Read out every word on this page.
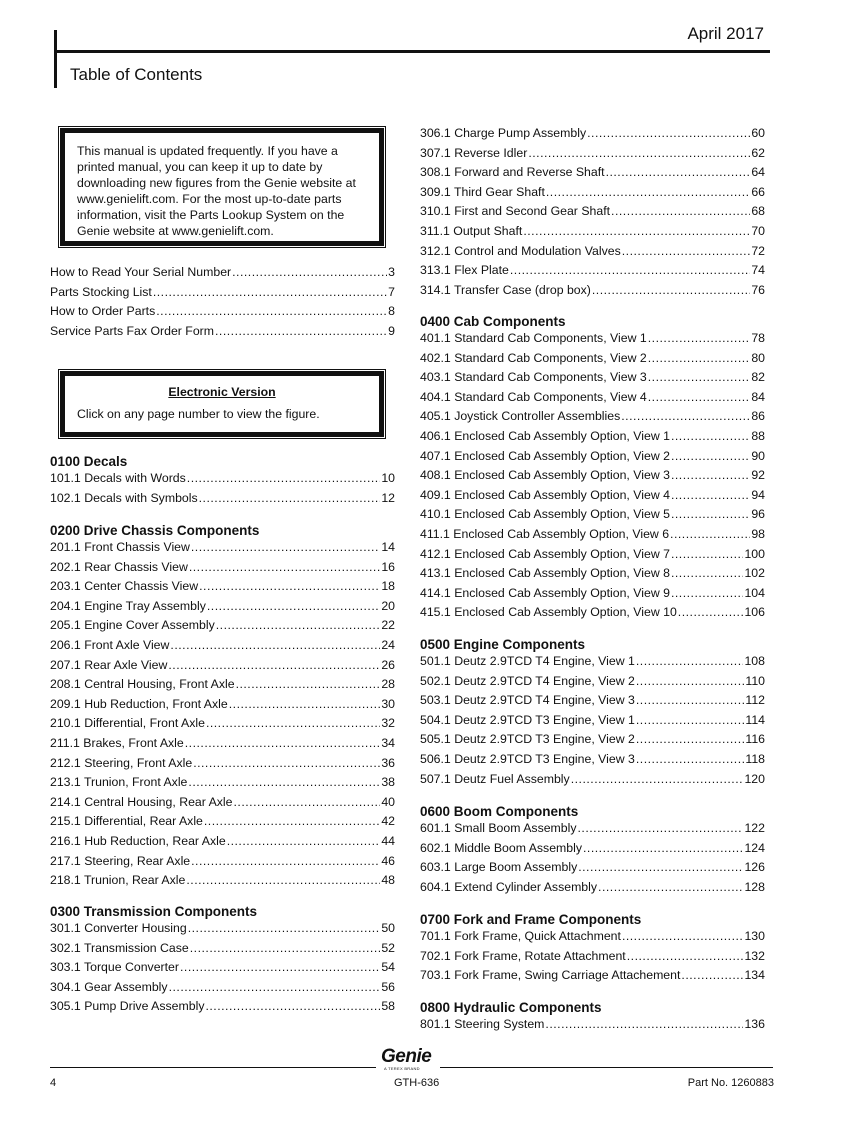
April 2017
Table of Contents
This manual is updated frequently. If you have a
printed manual, you can keep it up to date by
downloading new figures from the Genie website at
www.genielift.com. For the most up-to-date parts
information, visit the Parts Lookup System on the
Genie website at www.genielift.com.
How to Read Your Serial Number .....	3
Parts Stocking List .....	7
How to Order Parts .....	8
Service Parts Fax Order Form .....	9
Electronic Version
Click on any page number to view the figure.
0100 Decals
101.1 Decals with Words .....	10
102.1 Decals with Symbols .....	12
0200 Drive Chassis Components
201.1 Front Chassis View .....	14
202.1 Rear Chassis View .....	16
203.1 Center Chassis View .....	18
204.1 Engine Tray Assembly .....	20
205.1 Engine Cover Assembly .....	22
206.1 Front Axle View .....	24
207.1 Rear Axle View .....	26
208.1 Central Housing, Front Axle .....	28
209.1 Hub Reduction, Front Axle .....	30
210.1 Differential, Front Axle .....	32
211.1 Brakes, Front Axle .....	34
212.1 Steering, Front Axle .....	36
213.1 Trunion, Front Axle .....	38
214.1 Central Housing, Rear Axle .....	40
215.1 Differential, Rear Axle .....	42
216.1 Hub Reduction, Rear Axle .....	44
217.1 Steering, Rear Axle .....	46
218.1 Trunion, Rear Axle .....	48
0300 Transmission Components
301.1 Converter Housing .....	50
302.1 Transmission Case .....	52
303.1 Torque Converter .....	54
304.1 Gear Assembly .....	56
305.1 Pump Drive Assembly .....	58
306.1 Charge Pump Assembly .....	60
307.1 Reverse Idler .....	62
308.1 Forward and Reverse Shaft .....	64
309.1 Third Gear Shaft .....	66
310.1 First and Second Gear Shaft .....	68
311.1 Output Shaft .....	70
312.1 Control and Modulation Valves .....	72
313.1 Flex Plate .....	74
314.1 Transfer Case (drop box) .....	76
0400 Cab Components
401.1 Standard Cab Components, View 1 .....	78
402.1 Standard Cab Components, View 2 .....	80
403.1 Standard Cab Components, View 3 .....	82
404.1 Standard Cab Components, View 4 .....	84
405.1 Joystick Controller Assemblies .....	86
406.1 Enclosed Cab Assembly Option, View 1 .....	88
407.1 Enclosed Cab Assembly Option, View 2 .....	90
408.1 Enclosed Cab Assembly Option, View 3 .....	92
409.1 Enclosed Cab Assembly Option, View 4 .....	94
410.1 Enclosed Cab Assembly Option, View 5 .....	96
411.1 Enclosed Cab Assembly Option, View 6 .....	98
412.1 Enclosed Cab Assembly Option, View 7 .....	100
413.1 Enclosed Cab Assembly Option, View 8 .....	102
414.1 Enclosed Cab Assembly Option, View 9 .....	104
415.1 Enclosed Cab Assembly Option, View 10 .....	106
0500 Engine Components
501.1 Deutz 2.9TCD T4 Engine, View 1 .....	108
502.1 Deutz 2.9TCD T4 Engine, View 2 .....	110
503.1 Deutz 2.9TCD T4 Engine, View 3 .....	112
504.1 Deutz 2.9TCD T3 Engine, View 1 .....	114
505.1 Deutz 2.9TCD T3 Engine, View 2 .....	116
506.1 Deutz 2.9TCD T3 Engine, View 3 .....	118
507.1 Deutz Fuel Assembly .....	120
0600 Boom Components
601.1 Small Boom Assembly .....	122
602.1 Middle Boom Assembly .....	124
603.1 Large Boom Assembly .....	126
604.1 Extend Cylinder Assembly .....	128
0700 Fork and Frame Components
701.1 Fork Frame, Quick Attachment .....	130
702.1 Fork Frame, Rotate Attachment .....	132
703.1 Fork Frame, Swing Carriage Attachement .....	134
0800 Hydraulic Components
801.1 Steering System .....	136
Genie
A TEREX BRAND
4	GTH-636	Part No. 1260883
